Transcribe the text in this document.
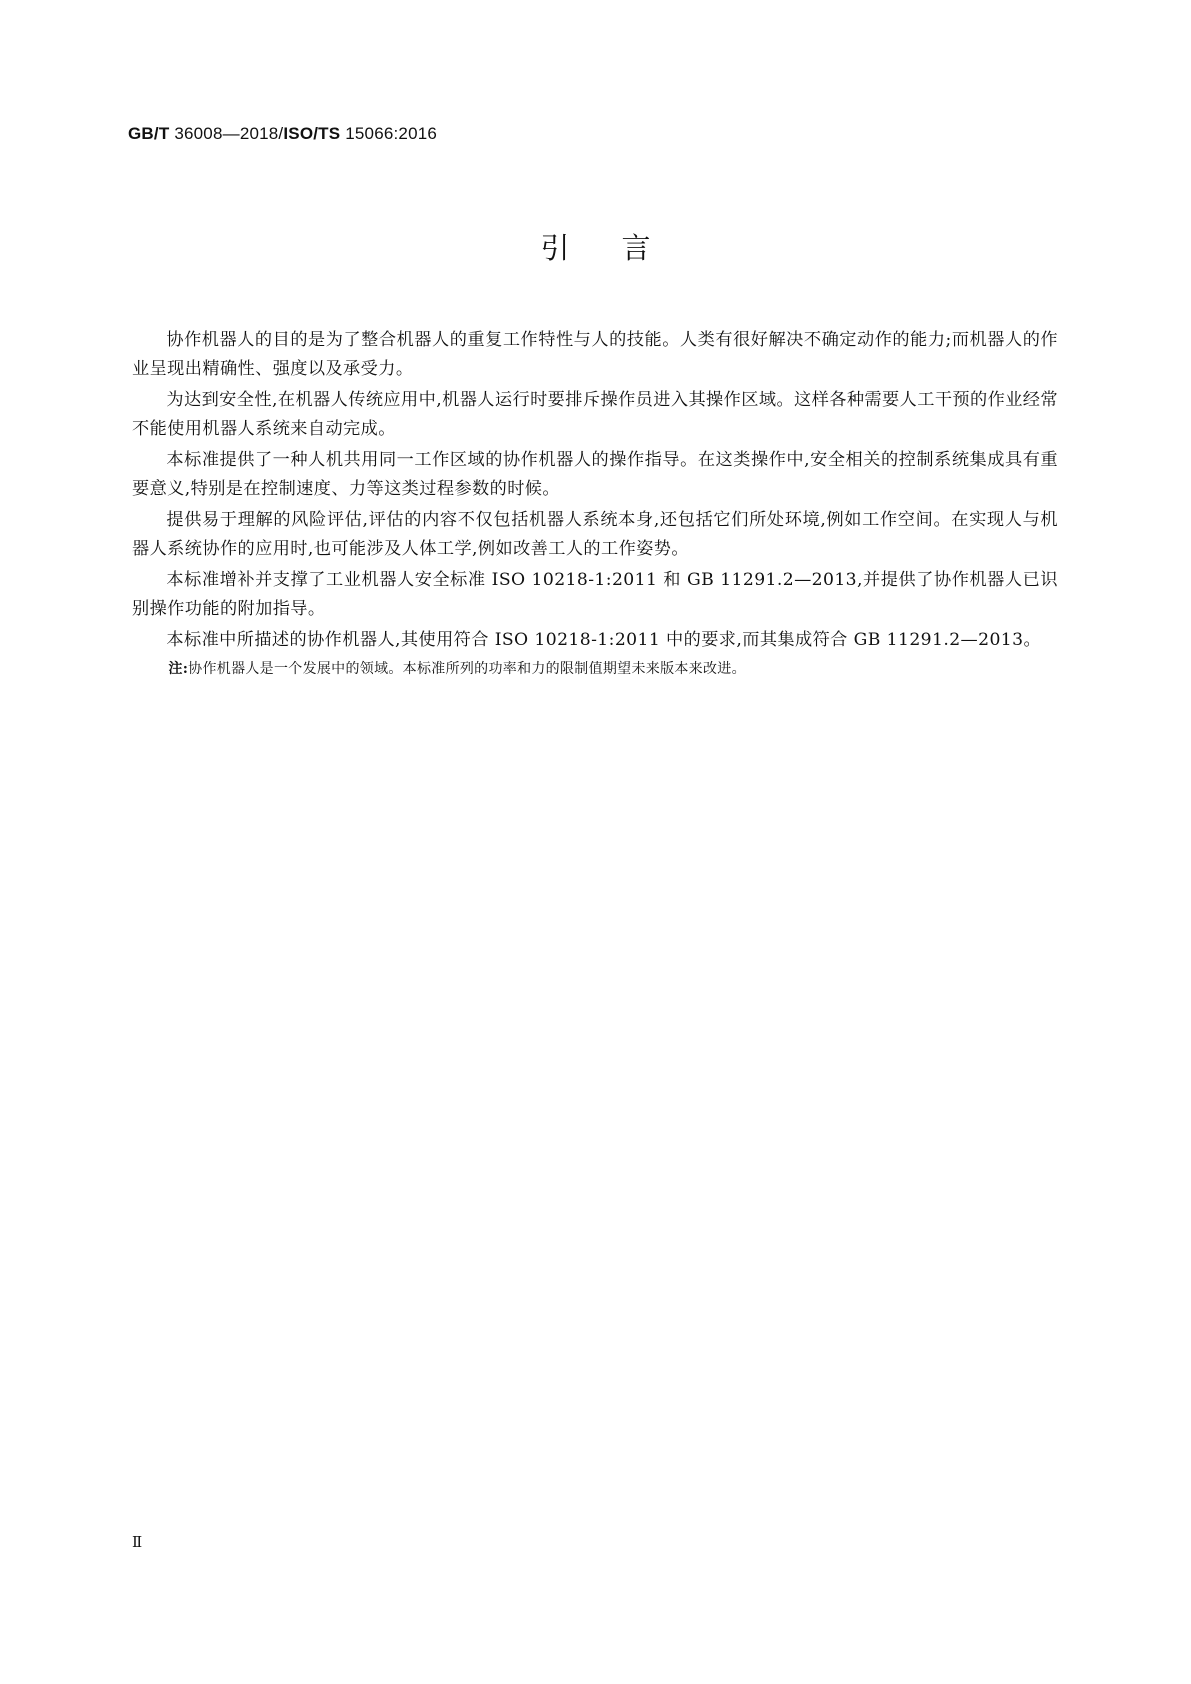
GB/T 36008—2018/ISO/TS 15066:2016
引言

协作机器人的目的是为了整合机器人的重复工作特性与人的技能。人类有很好解决不确定动作的能力;而机器人的作业呈现出精确性、强度以及承受力。

为达到安全性,在机器人传统应用中,机器人运行时要排斥操作员进入其操作区域。这样各种需要人工干预的作业经常不能使用机器人系统来自动完成。

本标准提供了一种人机共用同一工作区域的协作机器人的操作指导。在这类操作中,安全相关的控制系统集成具有重要意义,特别是在控制速度、力等这类过程参数的时候。

提供易于理解的风险评估,评估的内容不仅包括机器人系统本身,还包括它们所处环境,例如工作空间。在实现人与机器人系统协作的应用时,也可能涉及人体工学,例如改善工人的工作姿势。

本标准增补并支撑了工业机器人安全标准 ISO 10218-1:2011 和 GB 11291.2—2013,并提供了协作机器人已识别操作功能的附加指导。

本标准中所描述的协作机器人,其使用符合 ISO 10218-1:2011 中的要求,而其集成符合 GB 11291.2—2013。

注:协作机器人是一个发展中的领域。本标准所列的功率和力的限制值期望未来版本来改进。

Ⅱ
